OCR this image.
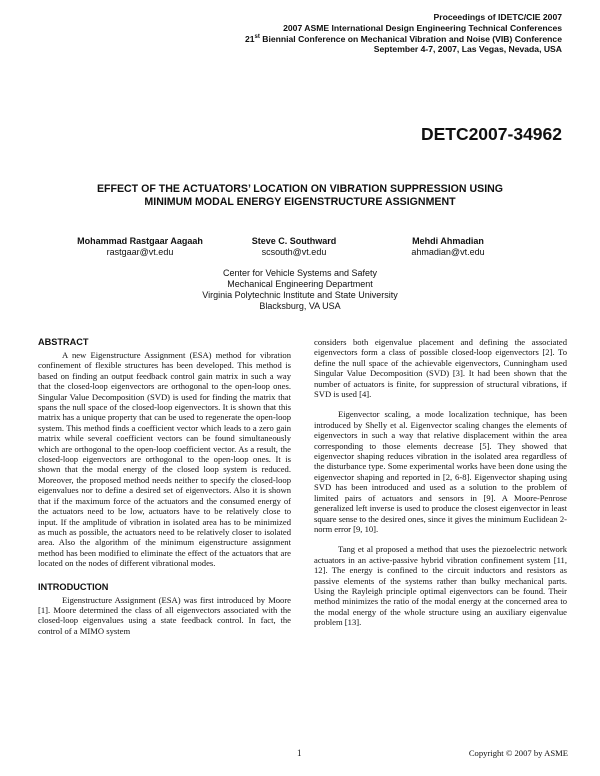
Proceedings of IDETC/CIE 2007
2007 ASME International Design Engineering Technical Conferences
21st Biennial Conference on Mechanical Vibration and Noise (VIB) Conference
September 4-7, 2007, Las Vegas, Nevada, USA
DETC2007-34962
EFFECT OF THE ACTUATORS’ LOCATION ON VIBRATION SUPPRESSION USING
MINIMUM MODAL ENERGY EIGENSTRUCTURE ASSIGNMENT
Mohammad Rastgaar Aagaah
rastgaar@vt.edu
Steve C. Southward
scsouth@vt.edu
Mehdi Ahmadian
ahmadian@vt.edu
Center for Vehicle Systems and Safety
Mechanical Engineering Department
Virginia Polytechnic Institute and State University
Blacksburg, VA USA
ABSTRACT

A new Eigenstructure Assignment (ESA) method for vibration confinement of flexible structures has been developed. This method is based on finding an output feedback control gain matrix in such a way that the closed-loop eigenvectors are orthogonal to the open-loop ones. Singular Value Decomposition (SVD) is used for finding the matrix that spans the null space of the closed-loop eigenvectors. It is shown that this matrix has a unique property that can be used to regenerate the open-loop system. This method finds a coefficient vector which leads to a zero gain matrix while several coefficient vectors can be found simultaneously which are orthogonal to the open-loop coefficient vector. As a result, the closed-loop eigenvectors are orthogonal to the open-loop ones. It is shown that the modal energy of the closed loop system is reduced. Moreover, the proposed method needs neither to specify the closed-loop eigenvalues nor to define a desired set of eigenvectors. Also it is shown that if the maximum force of the actuators and the consumed energy of the actuators need to be low, actuators have to be relatively close to input. If the amplitude of vibration in isolated area has to be minimized as much as possible, the actuators need to be relatively closer to isolated area. Also the algorithm of the minimum eigenstructure assignment method has been modified to eliminate the effect of the actuators that are located on the nodes of different vibrational modes.

INTRODUCTION

Eigenstructure Assignment (ESA) was first introduced by Moore [1]. Moore determined the class of all eigenvectors associated with the closed-loop eigenvalues using a state feedback control. In fact, the control of a MIMO system

considers both eigenvalue placement and defining the associated eigenvectors form a class of possible closed-loop eigenvectors [2]. To define the null space of the achievable eigenvectors, Cunningham used Singular Value Decomposition (SVD) [3]. It had been shown that the number of actuators is finite, for suppression of structural vibrations, if SVD is used [4].

Eigenvector scaling, a mode localization technique, has been introduced by Shelly et al. Eigenvector scaling changes the elements of eigenvectors in such a way that relative displacement within the area corresponding to those elements decrease [5]. They showed that eigenvector shaping reduces vibration in the isolated area regardless of the disturbance type. Some experimental works have been done using the eigenvector shaping and reported in [2, 6-8]. Eigenvector shaping using SVD has been introduced and used as a solution to the problem of limited pairs of actuators and sensors in [9]. A Moore-Penrose generalized left inverse is used to produce the closest eigenvector in least square sense to the desired ones, since it gives the minimum Euclidean 2-norm error [9, 10].

Tang et al proposed a method that uses the piezoelectric network actuators in an active-passive hybrid vibration confinement system [11, 12]. The energy is confined to the circuit inductors and resistors as passive elements of the systems rather than bulky mechanical parts. Using the Rayleigh principle optimal eigenvectors can be found. Their method minimizes the ratio of the modal energy at the concerned area to the modal energy of the whole structure using an auxiliary eigenvalue problem [13].

1	Copyright © 2007 by ASME
